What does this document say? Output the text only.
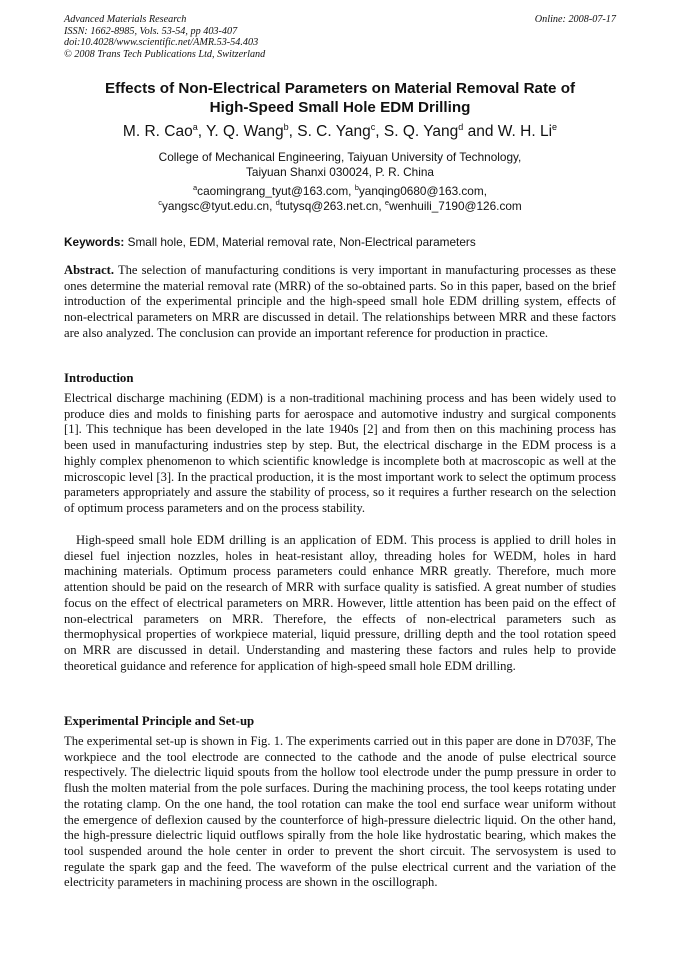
Advanced Materials Research
ISSN: 1662-8985, Vols. 53-54, pp 403-407
doi:10.4028/www.scientific.net/AMR.53-54.403
© 2008 Trans Tech Publications Ltd, Switzerland
Online: 2008-07-17
Effects of Non-Electrical Parameters on Material Removal Rate of
High-Speed Small Hole EDM Drilling
M. R. Cao$^a$, Y. Q. Wang$^b$, S. C. Yang$^c$, S. Q. Yang$^d$ and W. H. Li$^e$
College of Mechanical Engineering, Taiyuan University of Technology,
Taiyuan Shanxi 030024, P. R. China
$^a$caomingrang_tyut@163.com, $^b$yanqing0680@163.com,
$^c$yangsc@tyut.edu.cn, $^d$tutysq@263.net.cn, $^e$wenhuili_7190@126.com
Keywords: Small hole, EDM, Material removal rate, Non-Electrical parameters
Abstract. The selection of manufacturing conditions is very important in manufacturing processes as these ones determine the material removal rate (MRR) of the so-obtained parts. So in this paper, based on the brief introduction of the experimental principle and the high-speed small hole EDM drilling system, effects of non-electrical parameters on MRR are discussed in detail. The relationships between MRR and these factors are also analyzed. The conclusion can provide an important reference for production in practice.
Introduction
Electrical discharge machining (EDM) is a non-traditional machining process and has been widely used to produce dies and molds to finishing parts for aerospace and automotive industry and surgical components [1]. This technique has been developed in the late 1940s [2] and from then on this machining process has been used in manufacturing industries step by step. But, the electrical discharge in the EDM process is a highly complex phenomenon to which scientific knowledge is incomplete both at macroscopic as well at the microscopic level [3]. In the practical production, it is the most important work to select the optimum process parameters appropriately and assure the stability of process, so it requires a further research on the selection of optimum process parameters and on the process stability.
High-speed small hole EDM drilling is an application of EDM. This process is applied to drill holes in diesel fuel injection nozzles, holes in heat-resistant alloy, threading holes for WEDM, holes in hard machining materials. Optimum process parameters could enhance MRR greatly. Therefore, much more attention should be paid on the research of MRR with surface quality is satisfied. A great number of studies focus on the effect of electrical parameters on MRR. However, little attention has been paid on the effect of non-electrical parameters on MRR. Therefore, the effects of non-electrical parameters such as thermophysical properties of workpiece material, liquid pressure, drilling depth and the tool rotation speed on MRR are discussed in detail. Understanding and mastering these factors and rules help to provide theoretical guidance and reference for application of high-speed small hole EDM drilling.
Experimental Principle and Set-up
The experimental set-up is shown in Fig. 1. The experiments carried out in this paper are done in D703F, The workpiece and the tool electrode are connected to the cathode and the anode of pulse electrical source respectively. The dielectric liquid spouts from the hollow tool electrode under the pump pressure in order to flush the molten material from the pole surfaces. During the machining process, the tool keeps rotating under the rotating clamp. On the one hand, the tool rotation can make the tool end surface wear uniform without the emergence of deflexion caused by the counterforce of high-pressure dielectric liquid. On the other hand, the high-pressure dielectric liquid outflows spirally from the hole like hydrostatic bearing, which makes the tool suspended around the hole center in order to prevent the short circuit. The servosystem is used to regulate the spark gap and the feed. The waveform of the pulse electrical current and the variation of the electricity parameters in machining process are shown in the oscillograph.
